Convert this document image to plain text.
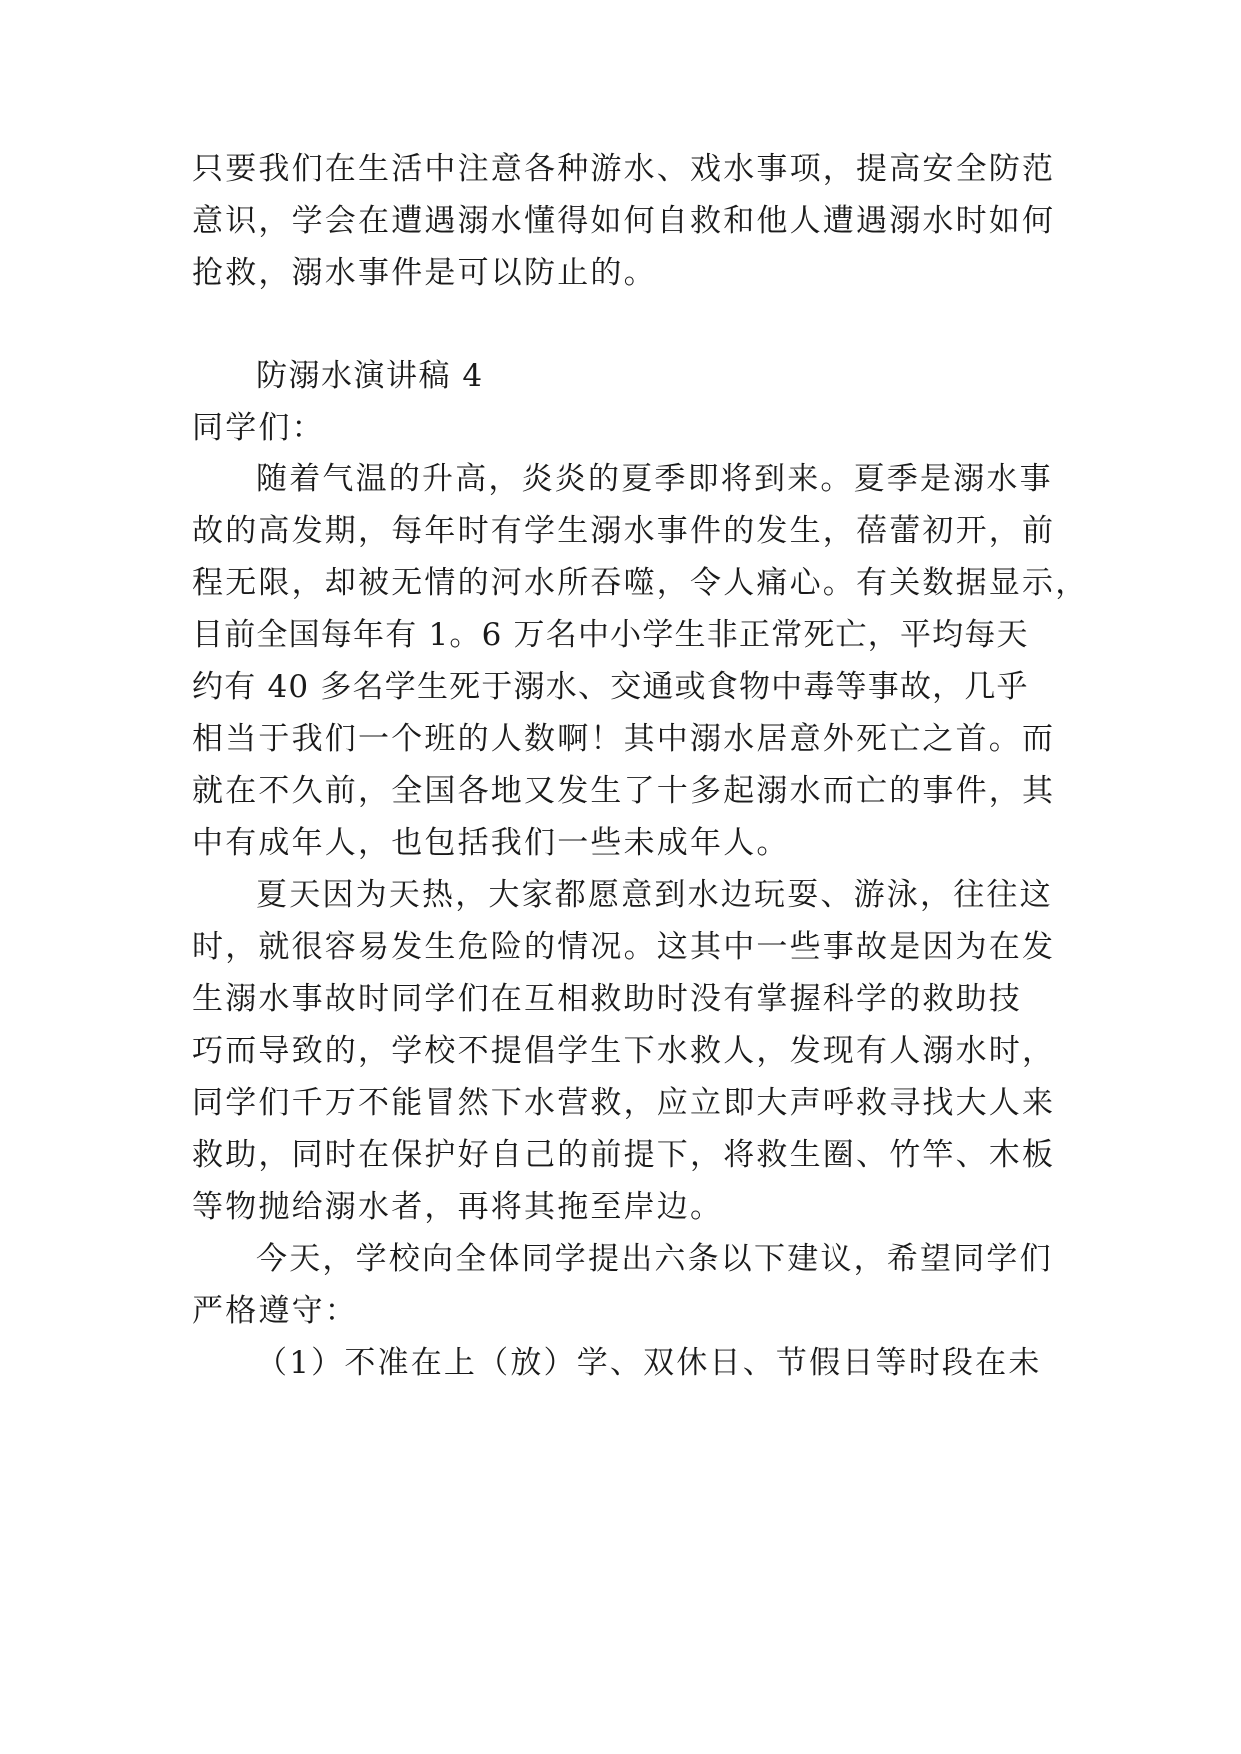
只要我们在生活中注意各种游水、戏水事项，提高安全防范
意识，学会在遭遇溺水懂得如何自救和他人遭遇溺水时如何
抢救，溺水事件是可以防止的。
防溺水演讲稿 4
同学们：
随着气温的升高，炎炎的夏季即将到来。夏季是溺水事
故的高发期，每年时有学生溺水事件的发生，蓓蕾初开，前
程无限，却被无情的河水所吞噬，令人痛心。有关数据显示，
目前全国每年有 1。6 万名中小学生非正常死亡，平均每天
约有 40 多名学生死于溺水、交通或食物中毒等事故，几乎
相当于我们一个班的人数啊！其中溺水居意外死亡之首。而
就在不久前，全国各地又发生了十多起溺水而亡的事件，其
中有成年人，也包括我们一些未成年人。
夏天因为天热，大家都愿意到水边玩耍、游泳，往往这
时，就很容易发生危险的情况。这其中一些事故是因为在发
生溺水事故时同学们在互相救助时没有掌握科学的救助技
巧而导致的，学校不提倡学生下水救人，发现有人溺水时，
同学们千万不能冒然下水营救，应立即大声呼救寻找大人来
救助，同时在保护好自己的前提下，将救生圈、竹竿、木板
等物抛给溺水者，再将其拖至岸边。
今天，学校向全体同学提出六条以下建议，希望同学们
严格遵守：
（1）不准在上（放）学、双休日、节假日等时段在未
